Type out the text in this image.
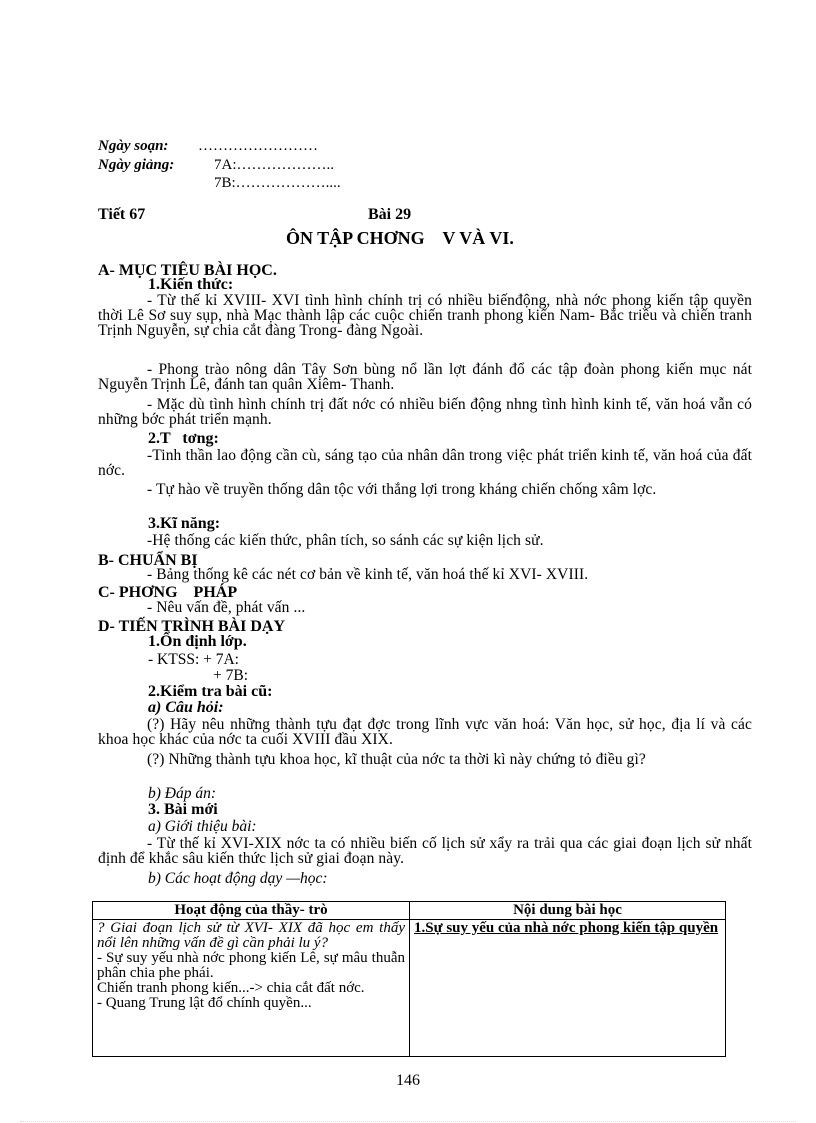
Ngày soạn: ……………………
Ngày giảng:	7A:………………..
7B:………………....
Tiết 67	Bài 29
ÔN TẬP CHƠNG    V VÀ VI.
A- MỤC TIÊU BÀI HỌC.
1.Kiến thức:
- Từ thế kỉ XVIII- XVI tình hình chính trị có nhiều biếnđộng, nhà nớc phong kiến tập quyền thời Lê Sơ suy sụp, nhà Mạc thành lập các cuộc chiến tranh phong kiến Nam- Bắc triều và chiến tranh Trịnh Nguyễn, sự chia cắt đàng Trong- đàng Ngoài.
- Phong trào nông dân Tây Sơn bùng nổ lần lợt đánh đổ các tập đoàn phong kiến mục nát Nguyễn Trịnh Lê, đánh tan quân Xiêm- Thanh.
- Mặc dù tình hình chính trị đất nớc có nhiều biến động nhng tình hình kinh tế, văn hoá vẫn có những bớc phát triển mạnh.
2.T   tơng:
-Tinh thần lao động cần cù, sáng tạo của nhân dân trong việc phát triển kinh tế, văn hoá của đất nớc.
- Tự hào về truyền thống dân tộc với thắng lợi trong kháng chiến chống xâm lợc.
3.Kĩ năng:
-Hệ thống các kiến thức, phân tích, so sánh các sự kiện lịch sử.
B- CHUẨN BỊ
- Bảng thống kê các nét cơ bản về kinh tế, văn hoá thế kỉ XVI- XVIII.
C- PHƠNG    PHÁP
- Nêu vấn đề, phát vấn ...
D- TIẾN TRÌNH BÀI DẠY
1.Ổn định lớp.
- KTSS: + 7A:
+ 7B:
2.Kiểm tra bài cũ:
a) Câu hỏi:
(?) Hãy nêu những thành tựu đạt đợc trong lĩnh vực văn hoá: Văn học, sử học, địa lí và các khoa học khác của nớc ta cuối XVIII đầu XIX.
(?) Những thành tựu khoa học, kĩ thuật của nớc ta thời kì này chứng tỏ điều gì?
b) Đáp án:
3. Bài mới
a) Giới thiệu bài:
- Từ thế kỉ XVI-XIX nớc ta có nhiều biến cố lịch sử xẩy ra trải qua các giai đoạn lịch sử nhất định để khắc sâu kiến thức lịch sử giai đoạn này.
b) Các hoạt động dạy —học:
Hoạt động của thầy- trò	Nội dung bài học

? Giai đoạn lịch sử từ XVI- XIX đã học em thấy nổi lên những vấn đề gì cần phải lu ý?
- Sự suy yếu nhà nớc phong kiến Lê, sự mâu thuẫn phân chia phe phái.
Chiến tranh phong kiến...-> chia cắt đất nớc.
- Quang Trung lật đổ chính quyền...	1.Sự suy yếu của nhà nớc phong kiến tập quyền
146
